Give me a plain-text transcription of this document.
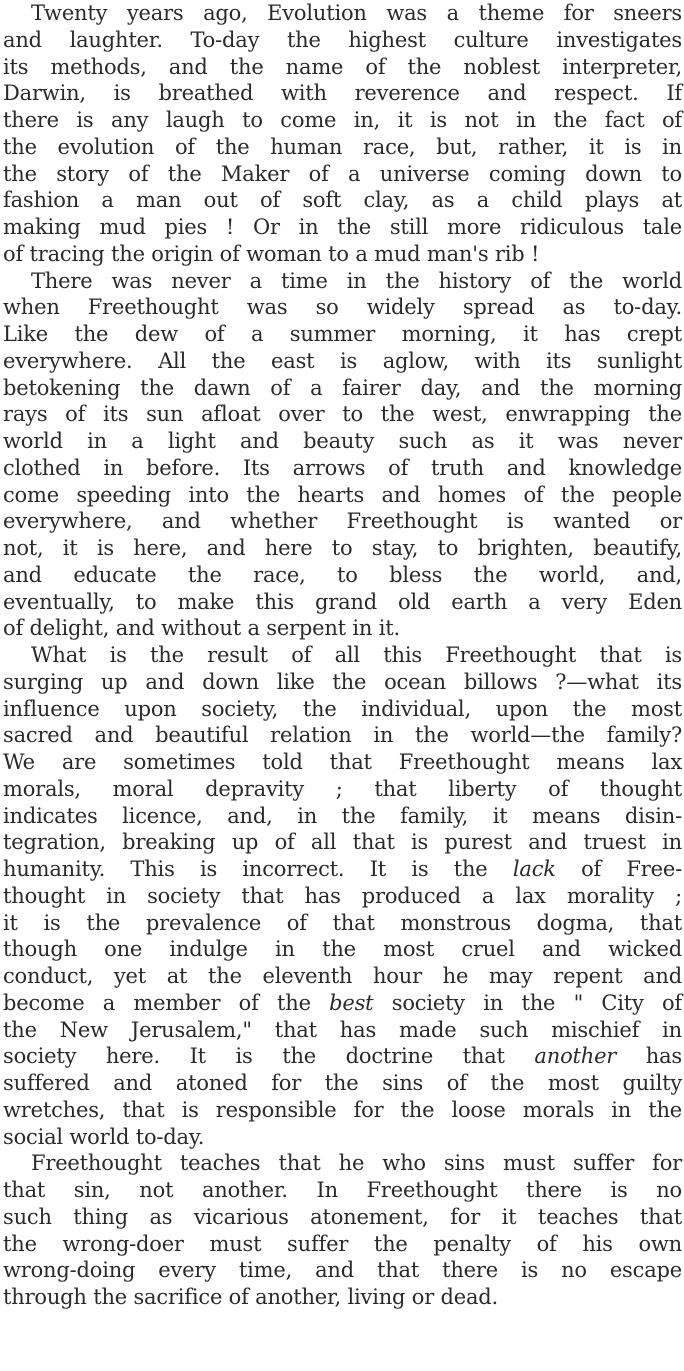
Twenty years ago, Evolution was a theme for sneers
and laughter. To-day the highest culture investigates
its methods, and the name of the noblest interpreter,
Darwin, is breathed with reverence and respect. If
there is any laugh to come in, it is not in the fact of
the evolution of the human race, but, rather, it is in
the story of the Maker of a universe coming down to
fashion a man out of soft clay, as a child plays at
making mud pies ! Or in the still more ridiculous tale
of tracing the origin of woman to a mud man's rib !
There was never a time in the history of the world
when Freethought was so widely spread as to-day.
Like the dew of a summer morning, it has crept
everywhere. All the east is aglow, with its sunlight
betokening the dawn of a fairer day, and the morning
rays of its sun afloat over to the west, enwrapping the
world in a light and beauty such as it was never
clothed in before. Its arrows of truth and knowledge
come speeding into the hearts and homes of the people
everywhere, and whether Freethought is wanted or
not, it is here, and here to stay, to brighten, beautify,
and educate the race, to bless the world, and,
eventually, to make this grand old earth a very Eden
of delight, and without a serpent in it.
What is the result of all this Freethought that is
surging up and down like the ocean billows ?—what its
influence upon society, the individual, upon the most
sacred and beautiful relation in the world—the family?
We are sometimes told that Freethought means lax
morals, moral depravity ; that liberty of thought
indicates licence, and, in the family, it means disin-
tegration, breaking up of all that is purest and truest in
humanity. This is incorrect. It is the lack of Free-
thought in society that has produced a lax morality ;
it is the prevalence of that monstrous dogma, that
though one indulge in the most cruel and wicked
conduct, yet at the eleventh hour he may repent and
become a member of the best society in the " City of
the New Jerusalem," that has made such mischief in
society here. It is the doctrine that another has
suffered and atoned for the sins of the most guilty
wretches, that is responsible for the loose morals in the
social world to-day.
Freethought teaches that he who sins must suffer for
that sin, not another. In Freethought there is no
such thing as vicarious atonement, for it teaches that
the wrong-doer must suffer the penalty of his own
wrong-doing every time, and that there is no escape
through the sacrifice of another, living or dead.
